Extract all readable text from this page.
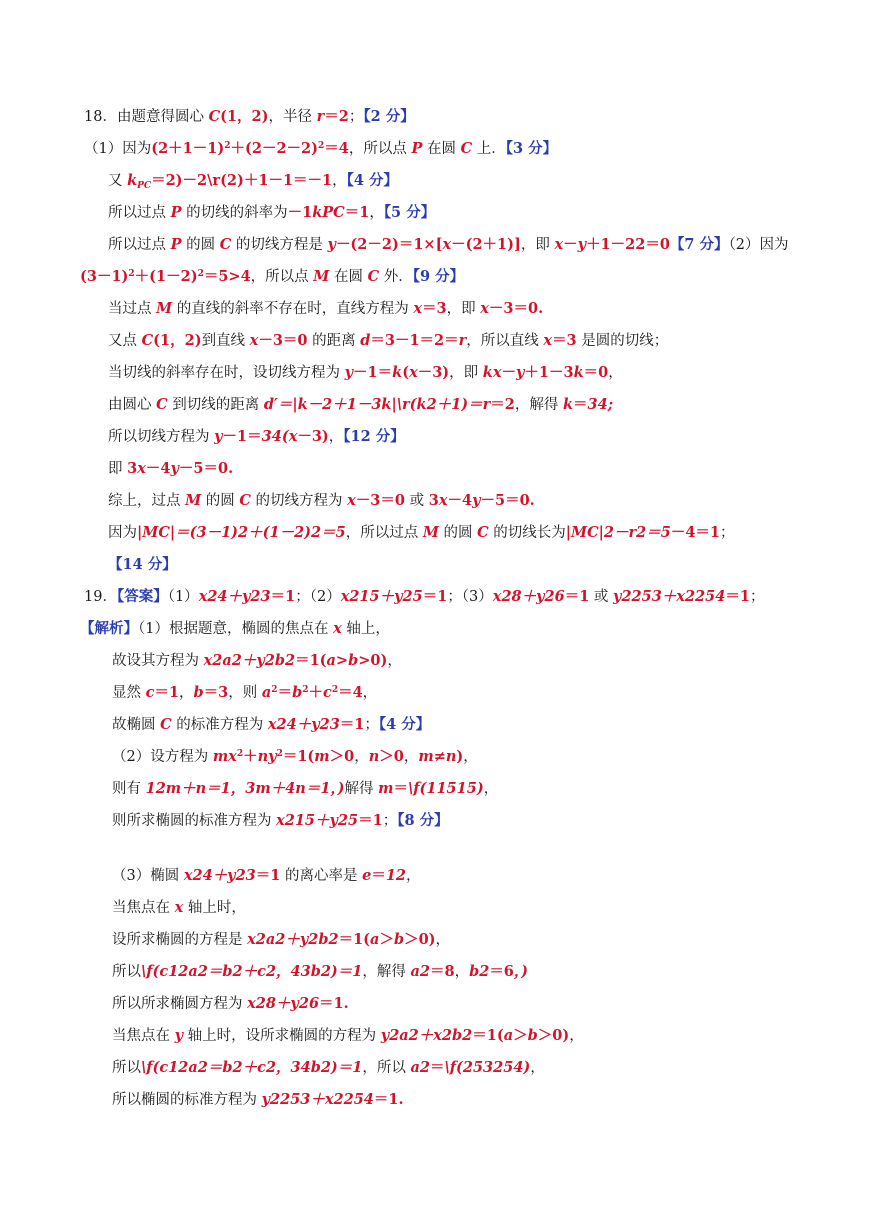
18．由题意得圆心 C(1，2)，半径 r＝2；【2 分】
（1）因为$(2+1-1)^2+(2-2-2)^2=4$，所以点 P 在圆 C 上．【3 分】
又 $k_{PC}=2)-2\backslash r(2)+1-1=-1$，【4 分】
所以过点 P 的切线的斜率为－1kPC＝1，【5 分】
所以过点 P 的圆 C 的切线方程是 y－(2－2)＝1×[x－(2＋1)]，即 x－y＋1－22＝0【7 分】（2）因为
$(3-1)^2+(1-2)^2=5>4$，所以点 M 在圆 C 外．【9 分】
当过点 M 的直线的斜率不存在时，直线方程为 x＝3，即 x－3＝0.
又点 C(1，2)到直线 x－3＝0 的距离 d＝3－1＝2＝r，所以直线 x＝3 是圆的切线；
当切线的斜率存在时，设切线方程为 y－1＝k(x－3)，即 kx－y＋1－3k＝0，
由圆心 C 到切线的距离 d′＝|k－2＋1－3k|\r(k2＋1)＝r＝2，解得 k＝34;
所以切线方程为 y－1＝34(x－3)，【12 分】
即 3x－4y－5＝0.
综上，过点 M 的圆 C 的切线方程为 x－3＝0 或 3x－4y－5＝0.
因为|MC|＝(3－1)2＋(1－2)2＝5，所以过点 M 的圆 C 的切线长为|MC|2－r2＝5－4＝1；
【14 分】
19．【答案】（1）x24＋y23＝1；（2）x215＋y25＝1；（3）x28＋y26＝1 或 y2253＋x2254＝1；
【解析】（1）根据题意，椭圆的焦点在 x 轴上，
故设其方程为 x2a2＋y2b2＝1(a>b>0)，
显然 c＝1，b＝3，则 $a^2=b^2+c^2=4$，
故椭圆 C 的标准方程为 x24＋y23＝1；【4 分】
（2）设方程为 $mx^2+ny^2=1(m>0$，n＞0，m≠n)，
则有 12m＋n＝1，3m＋4n＝1，)解得 m＝\f(11515)，
则所求椭圆的标准方程为 x215＋y25＝1；【8 分】
（3）椭圆 x24＋y23＝1 的离心率是 e＝12，
当焦点在 x 轴上时，
设所求椭圆的方程是 x2a2＋y2b2＝1(a＞b＞0)，
所以\f(c12a2＝b2＋c2，43b2)＝1，解得 a2＝8，b2＝6，)
所以所求椭圆方程为 x28＋y26＝1.
当焦点在 y 轴上时，设所求椭圆的方程为 y2a2＋x2b2＝1(a＞b＞0)，
所以\f(c12a2＝b2＋c2，34b2)＝1，所以 a2＝\f(253254)，
所以椭圆的标准方程为 y2253＋x2254＝1.
